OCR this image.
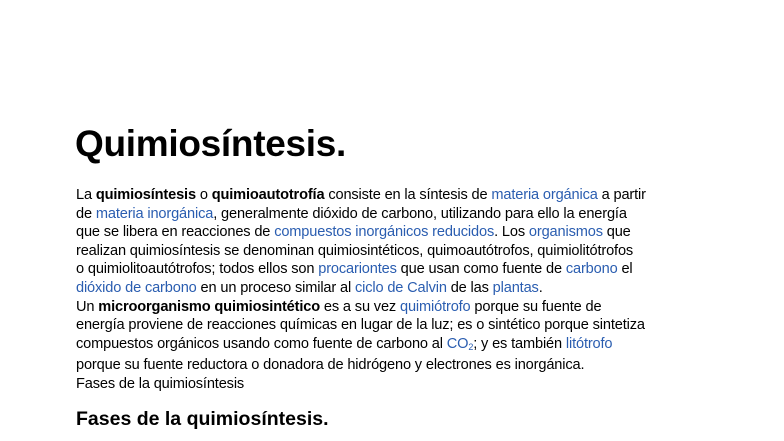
Quimiosíntesis.

La quimiosíntesis o quimioautotrofía consiste en la síntesis de materia orgánica a partir
de materia inorgánica, generalmente dióxido de carbono, utilizando para ello la energía
que se libera en reacciones de compuestos inorgánicos reducidos. Los organismos que
realizan quimiosíntesis se denominan quimiosintéticos, quimoautótrofos, quimiolitótrofos
o quimiolitoautótrofos; todos ellos son procariontes que usan como fuente de carbono el
dióxido de carbono en un proceso similar al ciclo de Calvin de las plantas.

Un microorganismo quimiosintético es a su vez quimiótrofo porque su fuente de
energía proviene de reacciones químicas en lugar de la luz; es o sintético porque sintetiza
compuestos orgánicos usando como fuente de carbono al $CO_2$; y es también litótrofo
porque su fuente reductora o donadora de hidrógeno y electrones es inorgánica.
Fases de la quimiosíntesis

Fases de la quimiosíntesis.
